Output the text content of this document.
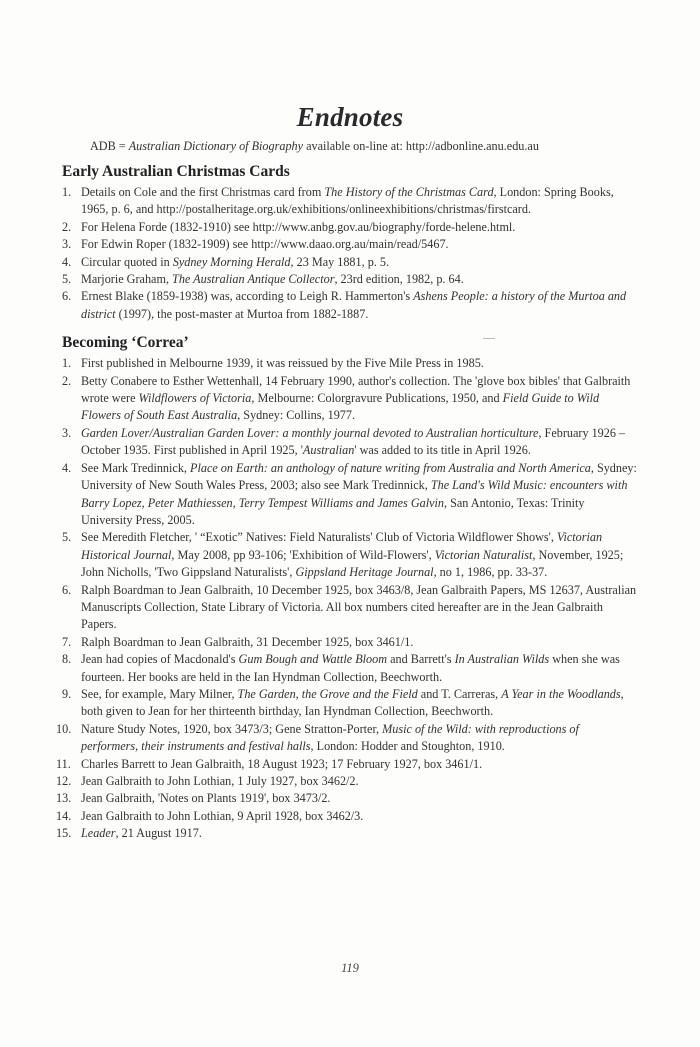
Endnotes
ADB = Australian Dictionary of Biography available on-line at: http://adbonline.anu.edu.au
Early Australian Christmas Cards
1. Details on Cole and the first Christmas card from The History of the Christmas Card, London: Spring Books, 1965, p. 6, and http://postalheritage.org.uk/exhibitions/onlineexhibitions/christmas/firstcard.
2. For Helena Forde (1832-1910) see http://www.anbg.gov.au/biography/forde-helene.html.
3. For Edwin Roper (1832-1909) see http://www.daao.org.au/main/read/5467.
4. Circular quoted in Sydney Morning Herald, 23 May 1881, p. 5.
5. Marjorie Graham, The Australian Antique Collector, 23rd edition, 1982, p. 64.
6. Ernest Blake (1859-1938) was, according to Leigh R. Hammerton's Ashens People: a history of the Murtoa and district (1997), the post-master at Murtoa from 1882-1887.
Becoming ‘Correa’
1. First published in Melbourne 1939, it was reissued by the Five Mile Press in 1985.
2. Betty Conabere to Esther Wettenhall, 14 February 1990, author's collection. The 'glove box bibles' that Galbraith wrote were Wildflowers of Victoria, Melbourne: Colorgravure Publications, 1950, and Field Guide to Wild Flowers of South East Australia, Sydney: Collins, 1977.
3. Garden Lover/Australian Garden Lover: a monthly journal devoted to Australian horticulture, February 1926 – October 1935. First published in April 1925, 'Australian' was added to its title in April 1926.
4. See Mark Tredinnick, Place on Earth: an anthology of nature writing from Australia and North America, Sydney: University of New South Wales Press, 2003; also see Mark Tredinnick, The Land's Wild Music: encounters with Barry Lopez, Peter Mathiessen, Terry Tempest Williams and James Galvin, San Antonio, Texas: Trinity University Press, 2005.
5. See Meredith Fletcher, ' “Exotic” Natives: Field Naturalists' Club of Victoria Wildflower Shows', Victorian Historical Journal, May 2008, pp 93-106; 'Exhibition of Wild-Flowers', Victorian Naturalist, November, 1925; John Nicholls, 'Two Gippsland Naturalists', Gippsland Heritage Journal, no 1, 1986, pp. 33-37.
6. Ralph Boardman to Jean Galbraith, 10 December 1925, box 3463/8, Jean Galbraith Papers, MS 12637, Australian Manuscripts Collection, State Library of Victoria. All box numbers cited hereafter are in the Jean Galbraith Papers.
7. Ralph Boardman to Jean Galbraith, 31 December 1925, box 3461/1.
8. Jean had copies of Macdonald's Gum Bough and Wattle Bloom and Barrett's In Australian Wilds when she was fourteen. Her books are held in the Ian Hyndman Collection, Beechworth.
9. See, for example, Mary Milner, The Garden, the Grove and the Field and T. Carreras, A Year in the Woodlands, both given to Jean for her thirteenth birthday, Ian Hyndman Collection, Beechworth.
10. Nature Study Notes, 1920, box 3473/3; Gene Stratton-Porter, Music of the Wild: with reproductions of performers, their instruments and festival halls, London: Hodder and Stoughton, 1910.
11. Charles Barrett to Jean Galbraith, 18 August 1923; 17 February 1927, box 3461/1.
12. Jean Galbraith to John Lothian, 1 July 1927, box 3462/2.
13. Jean Galbraith, 'Notes on Plants 1919', box 3473/2.
14. Jean Galbraith to John Lothian, 9 April 1928, box 3462/3.
15. Leader, 21 August 1917.
119
